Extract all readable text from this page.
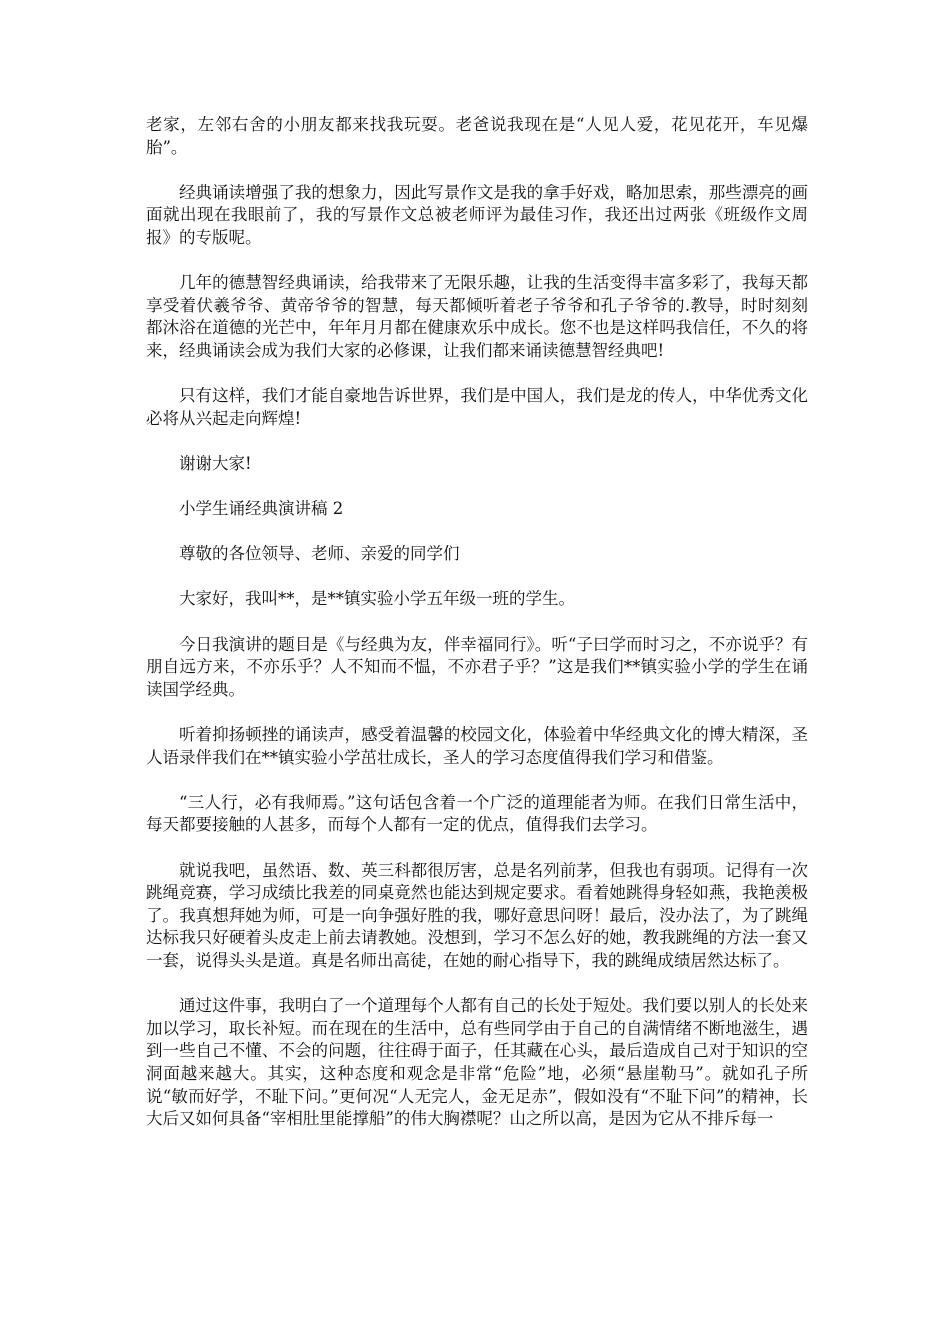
老家，左邻右舍的小朋友都来找我玩耍。老爸说我现在是“人见人爱，花见花开，车见爆胎”。

经典诵读增强了我的想象力，因此写景作文是我的拿手好戏，略加思索，那些漂亮的画面就出现在我眼前了，我的写景作文总被老师评为最佳习作，我还出过两张《班级作文周报》的专版呢。

几年的德慧智经典诵读，给我带来了无限乐趣，让我的生活变得丰富多彩了，我每天都享受着伏羲爷爷、黄帝爷爷的智慧，每天都倾听着老子爷爷和孔子爷爷的.教导，时时刻刻都沐浴在道德的光芒中，年年月月都在健康欢乐中成长。您不也是这样吗我信任，不久的将来，经典诵读会成为我们大家的必修课，让我们都来诵读德慧智经典吧!

只有这样，我们才能自豪地告诉世界，我们是中国人，我们是龙的传人，中华优秀文化必将从兴起走向辉煌!

谢谢大家!

小学生诵经典演讲稿 2

尊敬的各位领导、老师、亲爱的同学们

大家好，我叫**，是**镇实验小学五年级一班的学生。

今日我演讲的题目是《与经典为友，伴幸福同行》。听“子曰学而时习之，不亦说乎？有朋自远方来，不亦乐乎？人不知而不愠，不亦君子乎？”这是我们**镇实验小学的学生在诵读国学经典。

听着抑扬顿挫的诵读声，感受着温馨的校园文化，体验着中华经典文化的博大精深，圣人语录伴我们在**镇实验小学茁壮成长，圣人的学习态度值得我们学习和借鉴。

“三人行，必有我师焉。”这句话包含着一个广泛的道理能者为师。在我们日常生活中，每天都要接触的人甚多，而每个人都有一定的优点，值得我们去学习。

就说我吧，虽然语、数、英三科都很厉害，总是名列前茅，但我也有弱项。记得有一次跳绳竞赛，学习成绩比我差的同桌竟然也能达到规定要求。看着她跳得身轻如燕，我艳羡极了。我真想拜她为师，可是一向争强好胜的我，哪好意思问呀！最后，没办法了，为了跳绳达标我只好硬着头皮走上前去请教她。没想到，学习不怎么好的她，教我跳绳的方法一套又一套，说得头头是道。真是名师出高徒，在她的耐心指导下，我的跳绳成绩居然达标了。

通过这件事，我明白了一个道理每个人都有自己的长处于短处。我们要以别人的长处来加以学习，取长补短。而在现在的生活中，总有些同学由于自己的自满情绪不断地滋生，遇到一些自己不懂、不会的问题，往往碍于面子，任其藏在心头，最后造成自己对于知识的空洞面越来越大。其实，这种态度和观念是非常“危险”地，必须“悬崖勒马”。就如孔子所说“敏而好学，不耻下问。”更何况“人无完人，金无足赤”，假如没有“不耻下问”的精神，长大后又如何具备“宰相肚里能撑船”的伟大胸襟呢？山之所以高，是因为它从不排斥每一
